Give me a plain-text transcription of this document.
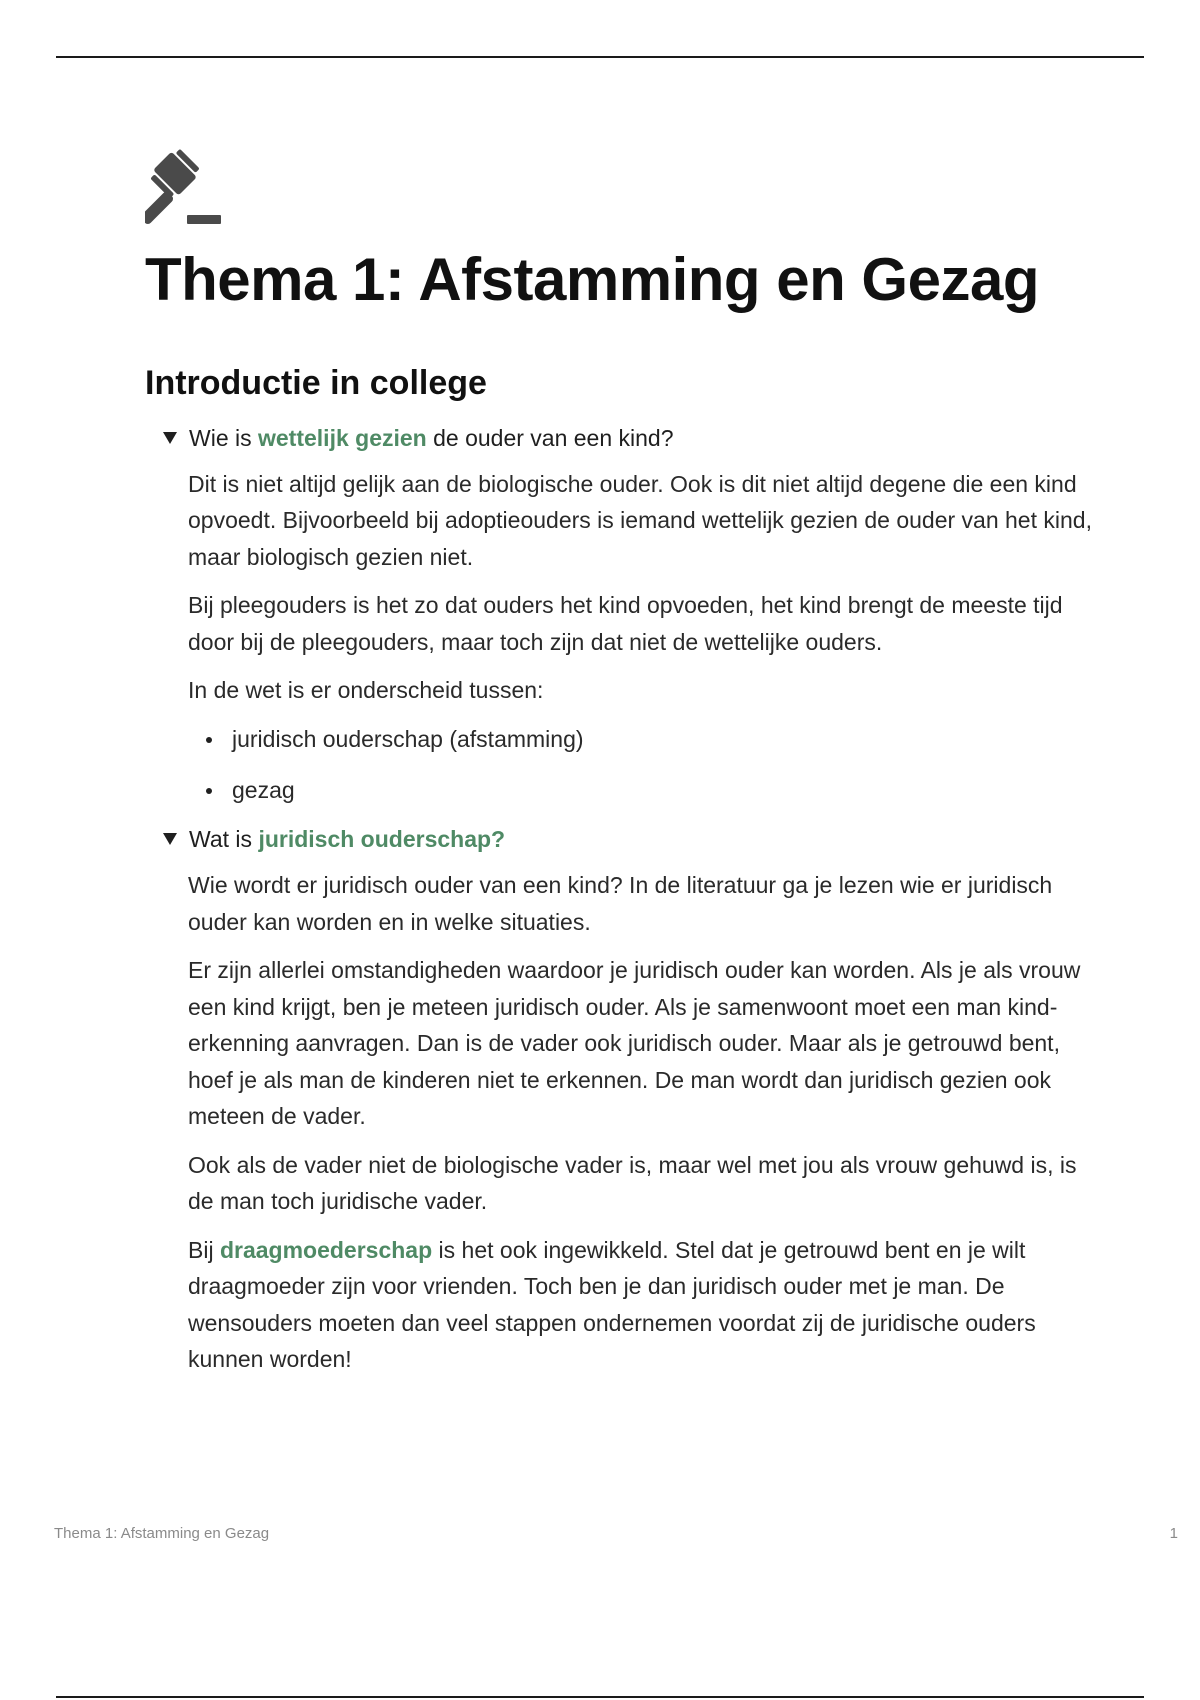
Thema 1: Afstamming en Gezag
Introductie in college
Wie is wettelijk gezien de ouder van een kind?

Dit is niet altijd gelijk aan de biologische ouder. Ook is dit niet altijd degene die een kind opvoedt. Bijvoorbeeld bij adoptieouders is iemand wettelijk gezien de ouder van het kind, maar biologisch gezien niet.

Bij pleegouders is het zo dat ouders het kind opvoeden, het kind brengt de meeste tijd door bij de pleegouders, maar toch zijn dat niet de wettelijke ouders.

In de wet is er onderscheid tussen:

juridisch ouderschap (afstamming)
gezag
Wat is juridisch ouderschap?

Wie wordt er juridisch ouder van een kind? In de literatuur ga je lezen wie er juridisch ouder kan worden en in welke situaties.

Er zijn allerlei omstandigheden waardoor je juridisch ouder kan worden. Als je als vrouw een kind krijgt, ben je meteen juridisch ouder. Als je samenwoont moet een man kind-erkenning aanvragen. Dan is de vader ook juridisch ouder. Maar als je getrouwd bent, hoef je als man de kinderen niet te erkennen. De man wordt dan juridisch gezien ook meteen de vader.

Ook als de vader niet de biologische vader is, maar wel met jou als vrouw gehuwd is, is de man toch juridische vader.

Bij draagmoederschap is het ook ingewikkeld. Stel dat je getrouwd bent en je wilt draagmoeder zijn voor vrienden. Toch ben je dan juridisch ouder met je man. De wensouders moeten dan veel stappen ondernemen voordat zij de juridische ouders kunnen worden!

Thema 1: Afstamming en Gezag	1
